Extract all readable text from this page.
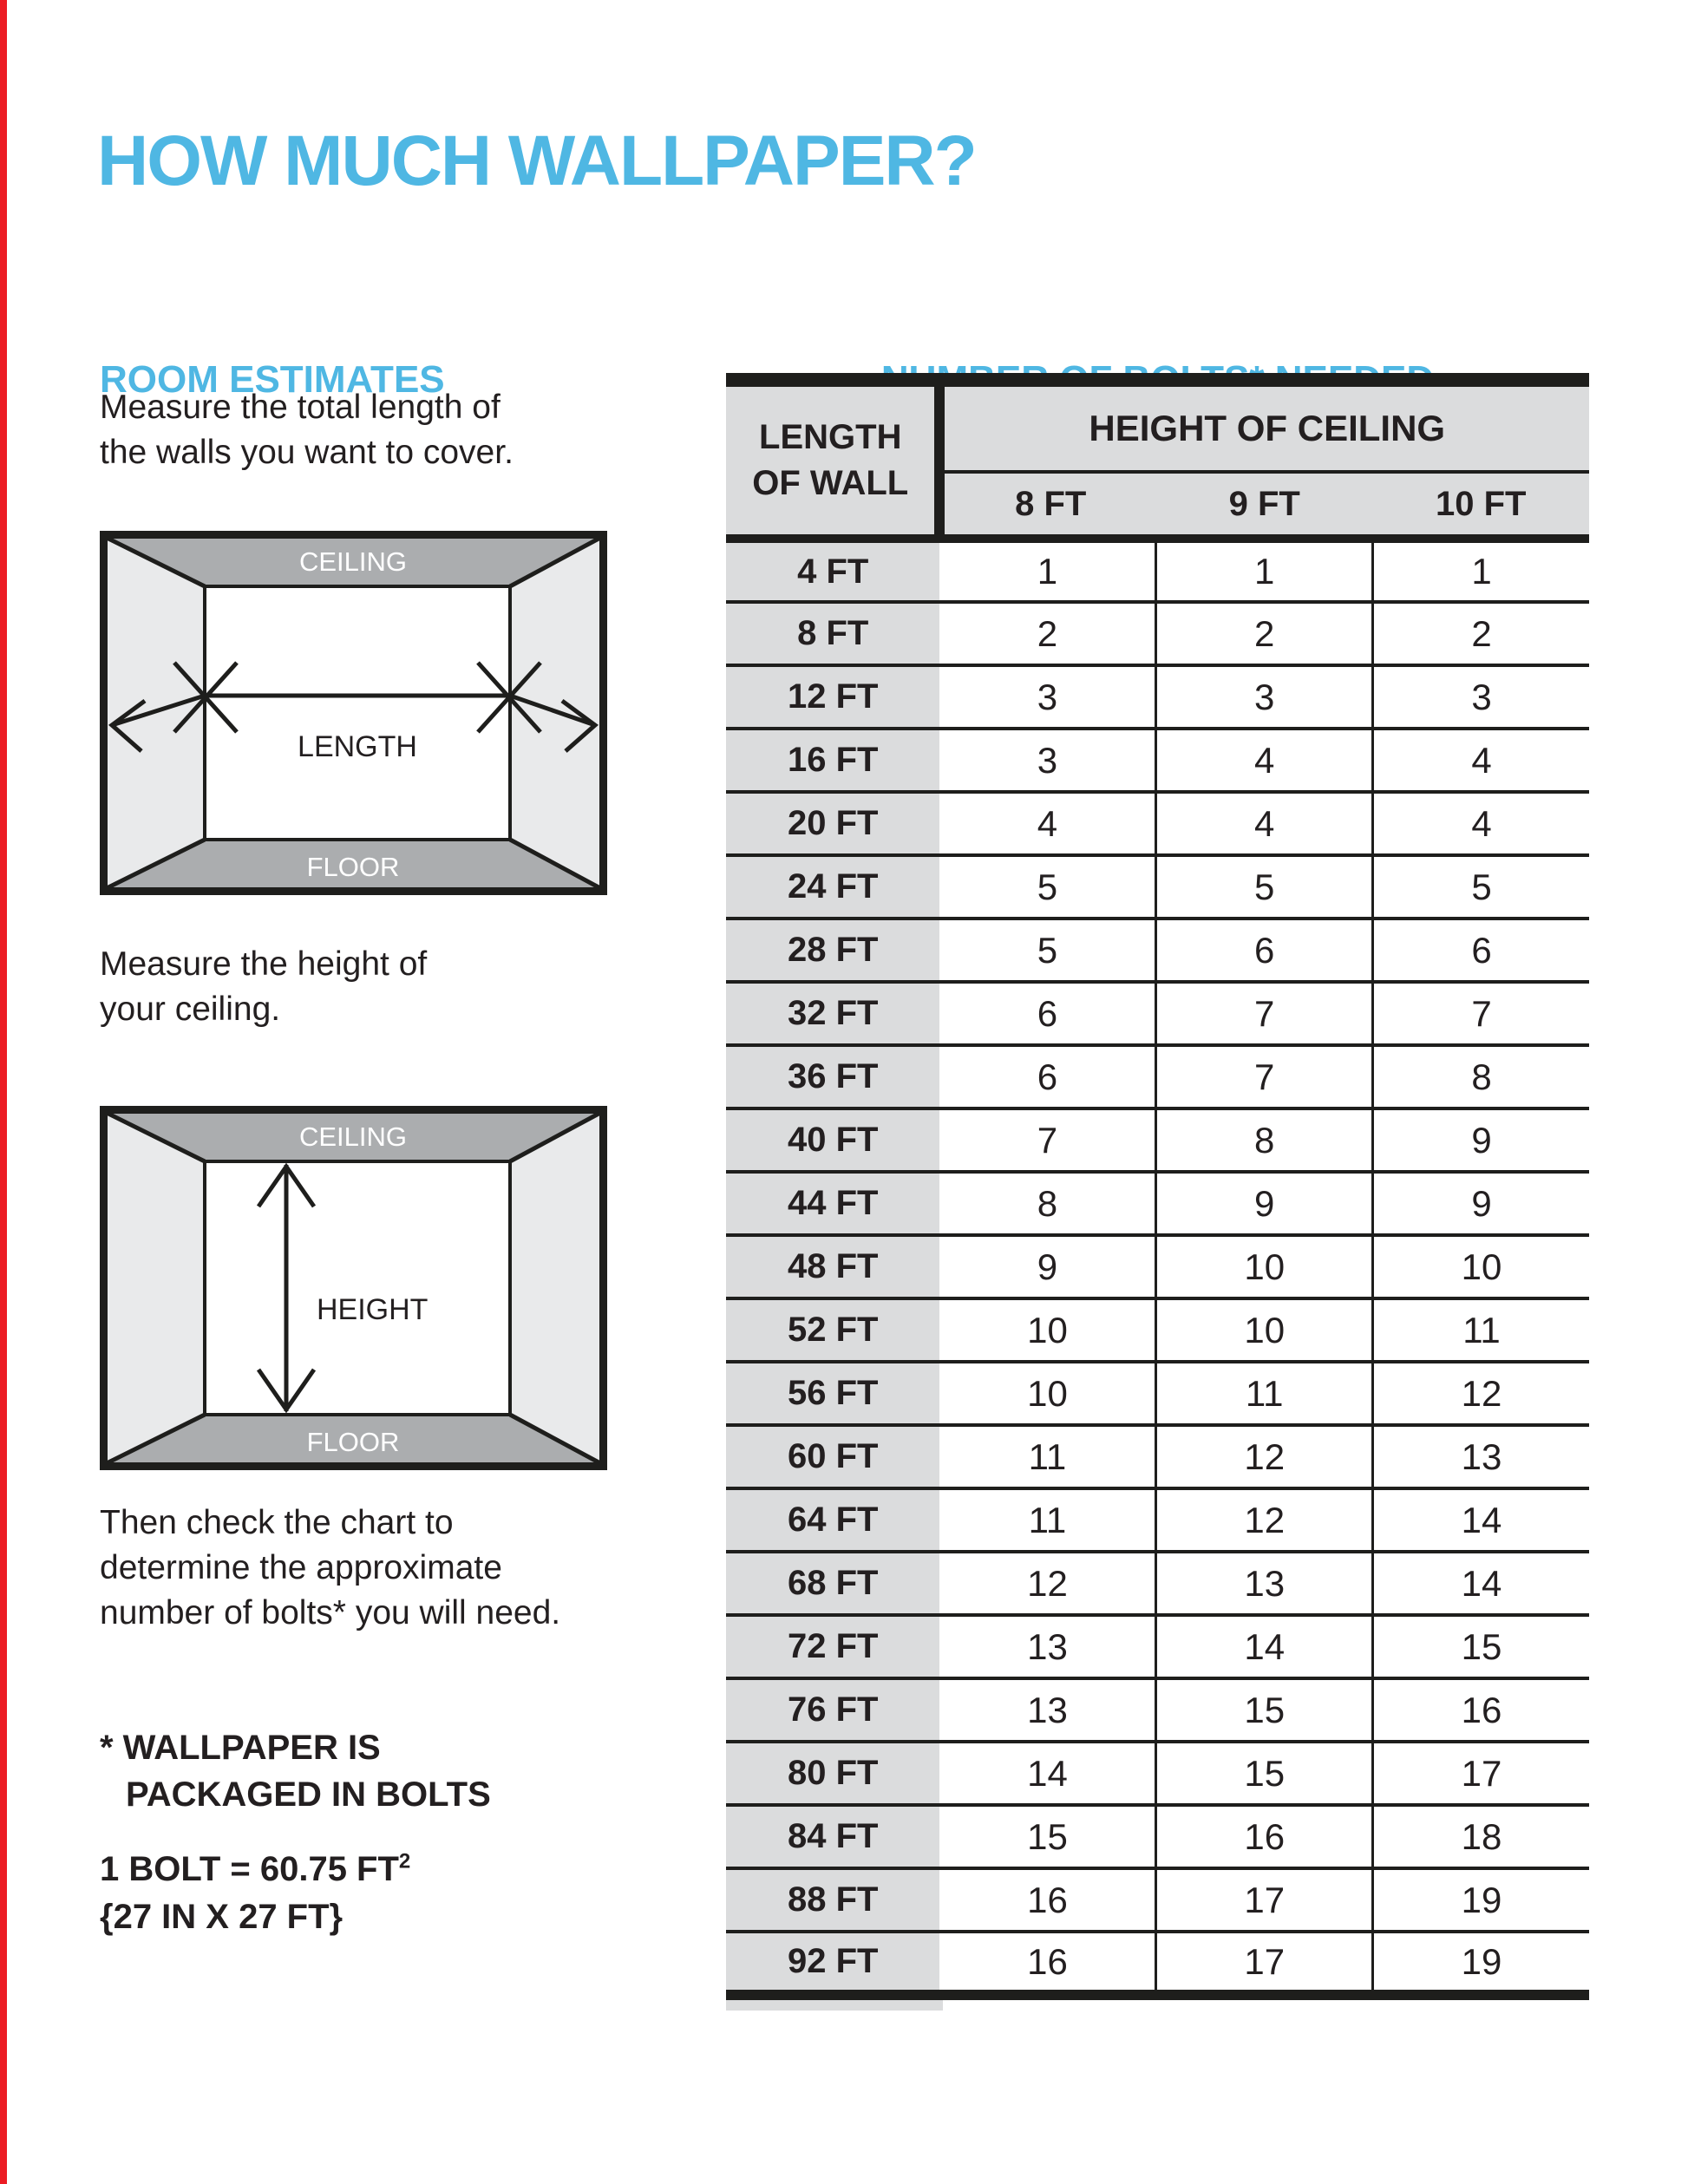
HOW MUCH WALLPAPER?
ROOM ESTIMATES
Measure the total length of
the walls you want to cover.
CEILING
FLOOR
LENGTH
Measure the height of
your ceiling.
HEIGHT
CEILING
FLOOR
Then check the chart to
determine the approximate
number of bolts* you will need.
* WALLPAPER IS
PACKAGED IN BOLTS
1 BOLT = 60.75 $FT^2$
{27 IN X 27 FT}
LENGTH
OF WALL	HEIGHT OF CEILING		
	8 FT	9 FT	10 FT
4 FT	1	1	1
8 FT	2	2	2
12 FT	3	3	3
16 FT	3	4	4
20 FT	4	4	4
24 FT	5	5	5
28 FT	5	6	6
32 FT	6	7	7
36 FT	6	7	8
40 FT	7	8	9
44 FT	8	9	9
48 FT	9	10	10
52 FT	10	10	11
56 FT	10	11	12
60 FT	11	12	13
64 FT	11	12	14
68 FT	12	13	14
72 FT	13	14	15
76 FT	13	15	16
80 FT	14	15	17
84 FT	15	16	18
88 FT	16	17	19
92 FT	16	17	19
